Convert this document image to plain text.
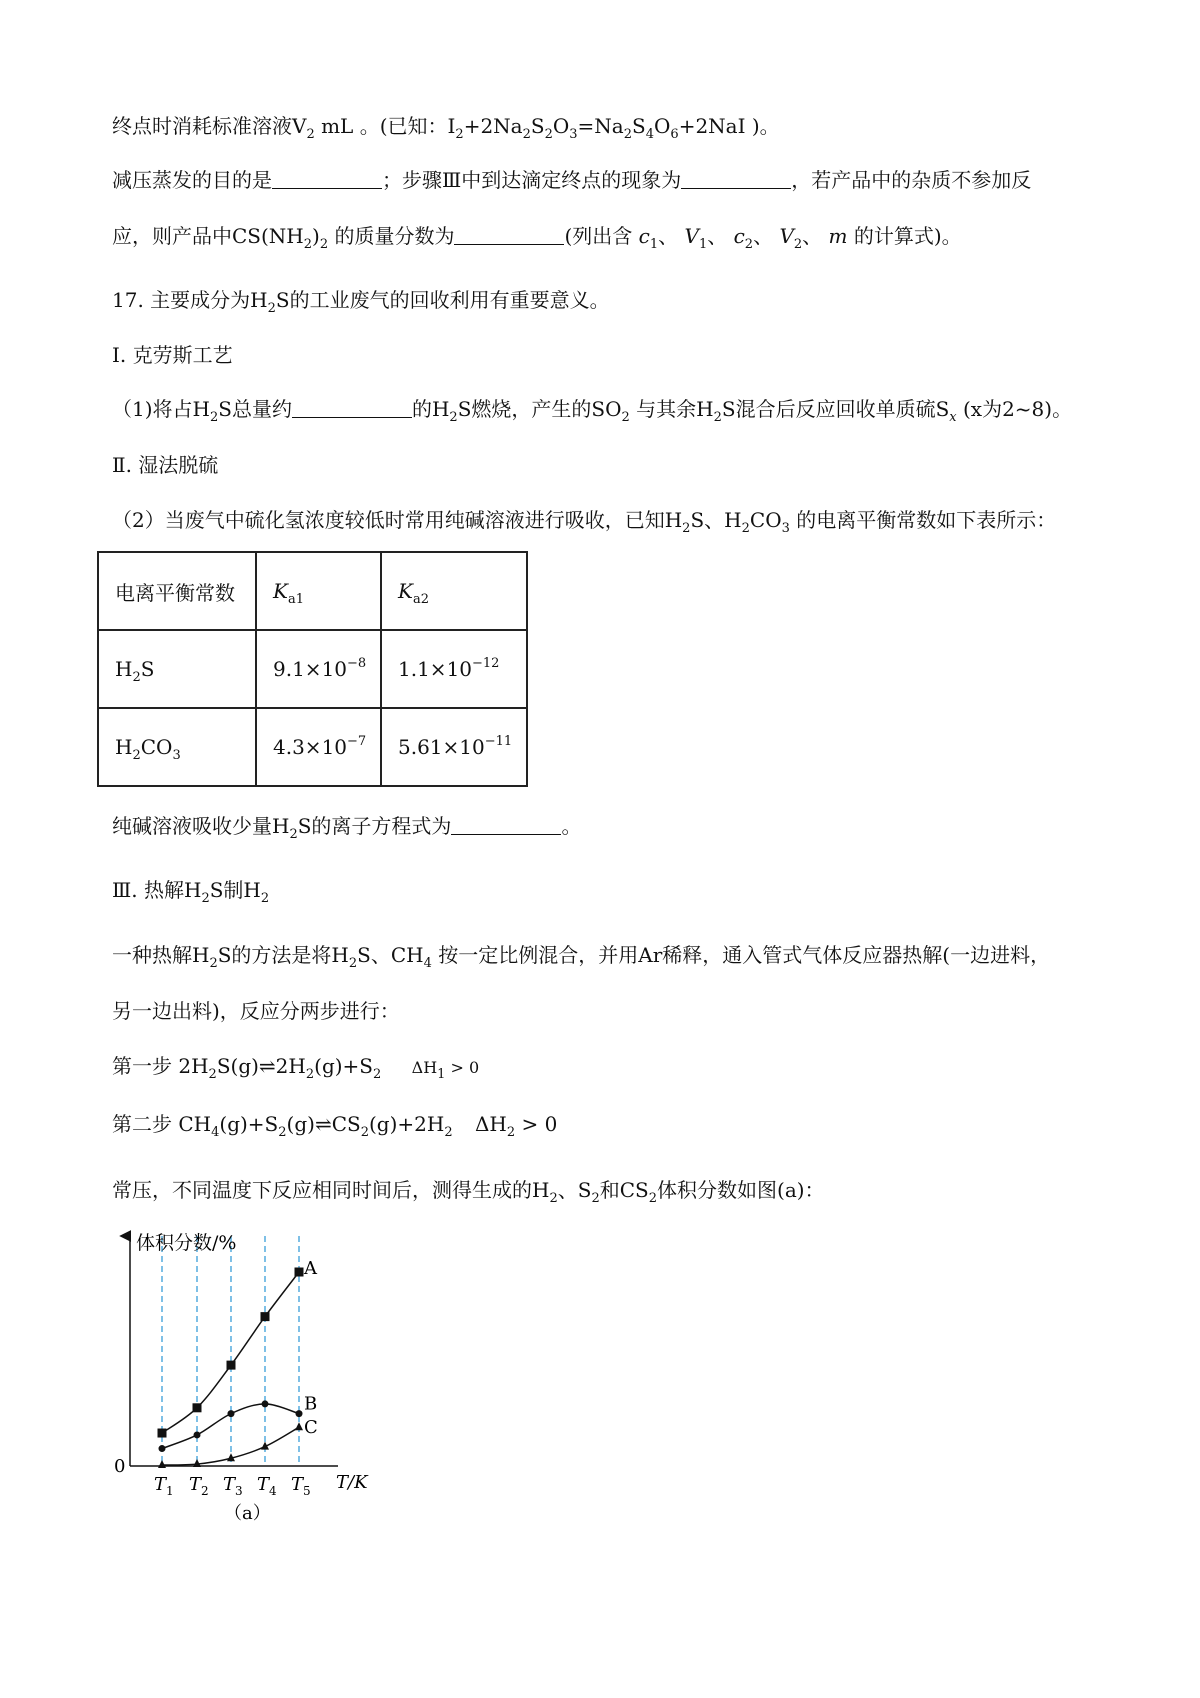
终点时消耗标准溶液$V_2$ mL 。(已知：$I_2+2Na_2S_2O_3=Na_2S_4O_6+2NaI$ )。
减压蒸发的目的是	；步骤Ⅲ中到达滴定终点的现象为	，若产品中的杂质不参加反
应，则产品中$CS(NH_2)_2$ 的质量分数为	(列出含 $c_1$、 $V_1$、 $c_2$、 $V_2$、 m 的计算式)。
17. 主要成分为$H_2S$的工业废气的回收利用有重要意义。
Ⅰ. 克劳斯工艺
（1)将占$H_2S$总量约	的$H_2S$燃烧，产生的$SO_2$ 与其余$H_2S$混合后反应回收单质硫$S_x$ (x为2~8)。
Ⅱ. 湿法脱硫
（2）当废气中硫化氢浓度较低时常用纯碱溶液进行吸收，已知$H_2S$、$H_2CO_3$ 的电离平衡常数如下表所示：
电离平衡常数	$K_{a1}$	$K_{a2}$
$H_2S$	$9.1\times 10^{-8}$	$1.1\times 10^{-12}$
$H_2CO_3$	$4.3\times 10^{-7}$	$5.61\times 10^{-11}$
纯碱溶液吸收少量$H_2S$的离子方程式为	。
Ⅲ. 热解$H_2S$制$H_2$
一种热解$H_2S$的方法是将$H_2S$、$CH_4$ 按一定比例混合，并用Ar稀释，通入管式气体反应器热解(一边进料，
另一边出料)，反应分两步进行：
第一步 $2H_2S(g)\rightleftharpoons 2H_2(g)+S_2$ $\Delta H_1 > 0$
第二步 $CH_4(g)+S_2(g)\rightleftharpoons CS_2(g)+2H_2$ $\Delta H_2 > 0$
常压，不同温度下反应相同时间后，测得生成的$H_2$、$S_2$和$CS_2$体积分数如图(a)：
体积分数/%
0
T/K
$T_1$ $T_2$ $T_3$ $T_4$ $T_5$
A
B
C
（a）
